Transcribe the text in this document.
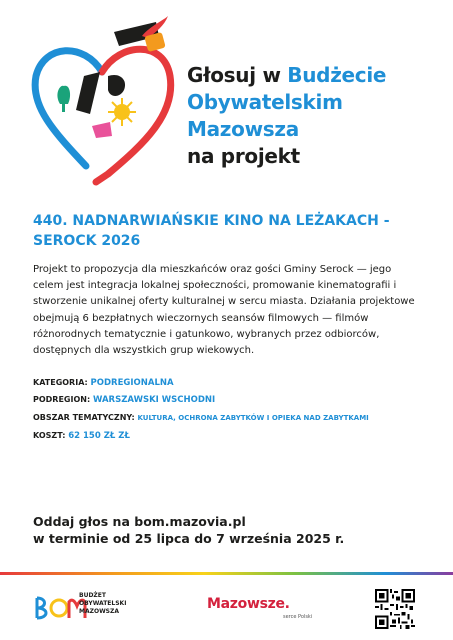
Głosuj w Budżecie
Obywatelskim
Mazowsza
na projekt
440. NADNARWIAŃSKIE KINO NA LEŻAKACH - SEROCK 2026
Projekt to propozycja dla mieszkańców oraz gości Gminy Serock — jego celem jest integracja lokalnej społeczności, promowanie kinematografii i stworzenie unikalnej oferty kulturalnej w sercu miasta. Działania projektowe obejmują 6 bezpłatnych wieczornych seansów filmowych — filmów różnorodnych tematycznie i gatunkowo, wybranych przez odbiorców, dostępnych dla wszystkich grup wiekowych.
KATEGORIA: PODREGIONALNA
PODREGION: WARSZAWSKI WSCHODNI
OBSZAR TEMATYCZNY: KULTURA, OCHRONA ZABYTKÓW I OPIEKA NAD ZABYTKAMI
KOSZT: 62 150 ZŁ ZŁ
Oddaj głos na bom.mazovia.pl
w terminie od 25 lipca do 7 września 2025 r.
BUDŻET
OBYWATELSKI
MAZOWSZA	Mazowsze.
serce Polski
